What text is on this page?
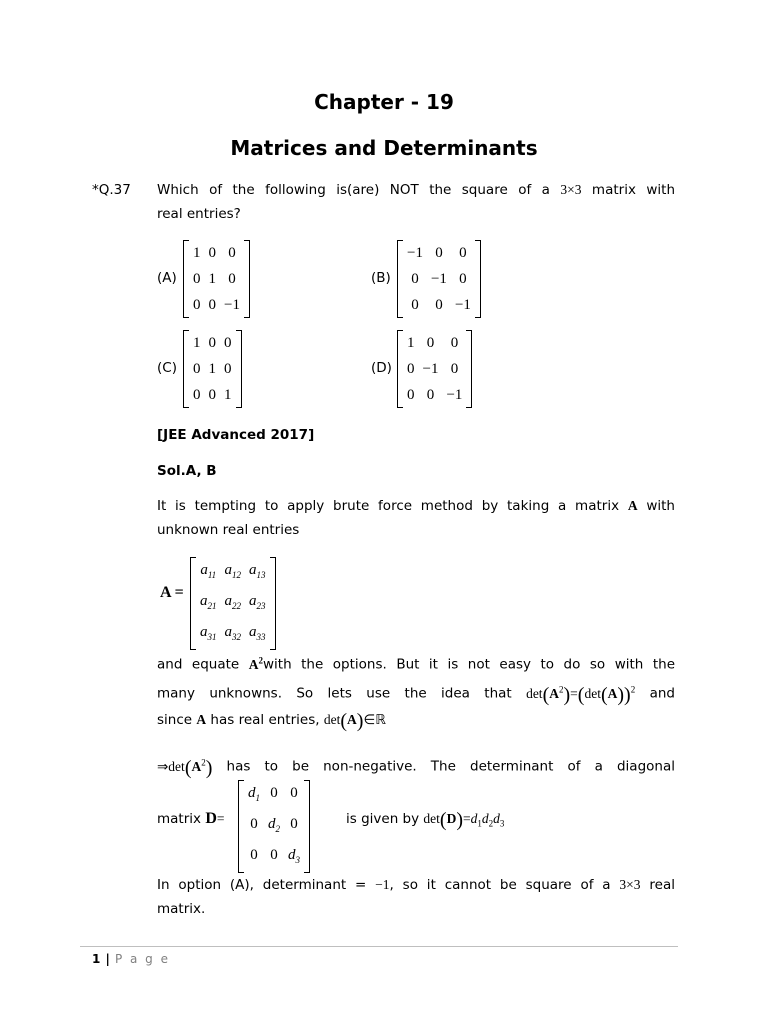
Chapter - 19
Matrices and Determinants
*Q.37 Which of the following is(are) NOT the square of a 3×3 matrix with
real entries?
(A)
1	0	0
0	1	0
0	0	−1
(B)
−1	0	0
0	−1	0
0	0	−1
(C)
1	0	0
0	1	0
0	0	1
(D)
1	0	0
0	−1	0
0	0	−1
[JEE Advanced 2017]
Sol.A, B
It is tempting to apply brute force method by taking a matrix A with
unknown real entries
A =
$a_{11}$	$a_{12}$	$a_{13}$
$a_{21}$	$a_{22}$	$a_{23}$
$a_{31}$	$a_{32}$	$a_{33}$
and equate $A^2with$ the options. But it is not easy to do so with the
many unknowns. So lets use the idea that $\det(A^2)=(\det(A))^2$ and
since A has real entries, det(A)∈ℝ
$\Rightarrow\det(A^2)$ has to be non-negative. The determinant of a diagonal
matrix D=
$d_1$	0	0
0	$d_2$	0
0	0	$d_3$
is given by $\det(D)=d_1d_2d_3$
In option (A), determinant = −1, so it cannot be square of a 3×3 real
matrix.
1 | P a g e
